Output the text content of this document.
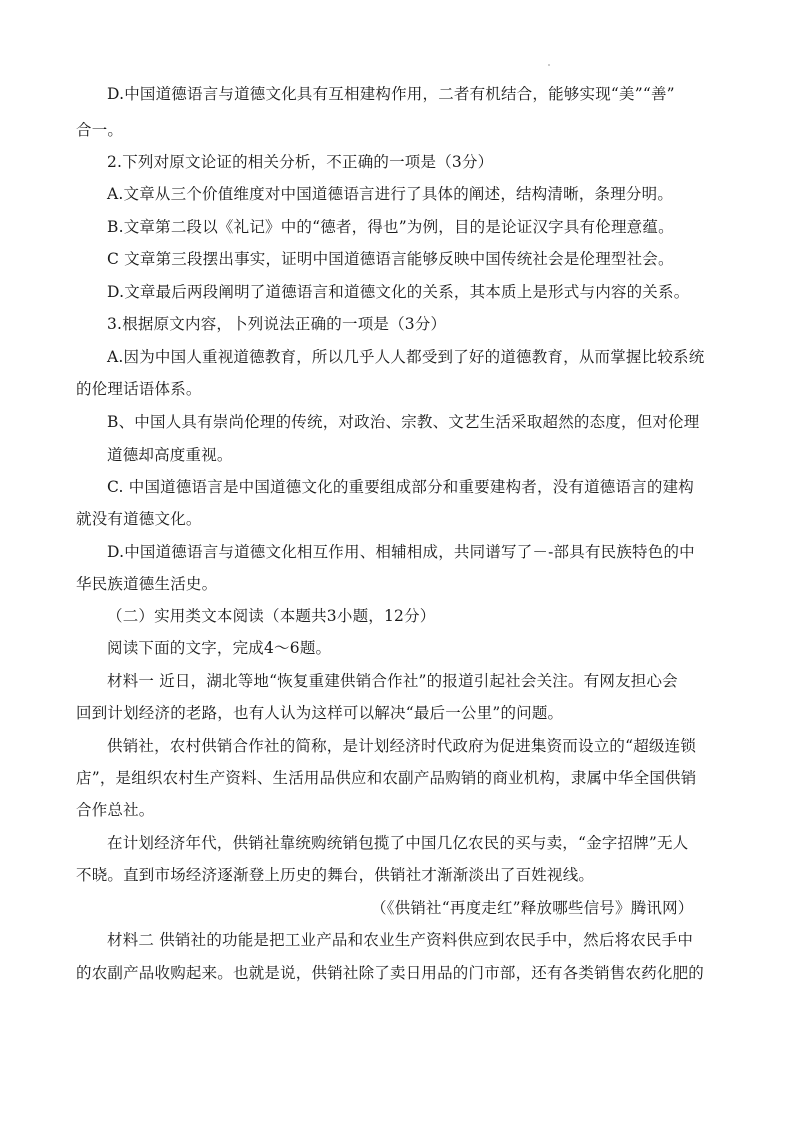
D.中国道德语言与道德文化具有互相建构作用，二者有机结合，能够实现“美”“善”
合一。
2.下列对原文论证的相关分析，不正确的一项是（3分）
A.文章从三个价值维度对中国道德语言进行了具体的阐述，结构清晰，条理分明。
B.文章第二段以《礼记》中的“德者，得也”为例，目的是论证汉字具有伦理意蕴。
C 文章第三段摆出事实，证明中国道德语言能够反映中国传统社会是伦理型社会。
D.文章最后两段阐明了道德语言和道德文化的关系，其本质上是形式与内容的关系。
3.根据原文内容，卜列说法正确的一项是（3分）
A.因为中国人重视道德教育，所以几乎人人都受到了好的道德教育，从而掌握比较系统
的伦理话语体系。
B、中国人具有崇尚伦理的传统，对政治、宗教、文艺生活采取超然的态度，但对伦理
道德却高度重视。
C. 中国道德语言是中国道德文化的重要组成部分和重要建构者，没有道德语言的建构
就没有道德文化。
D.中国道德语言与道德文化相互作用、相辅相成，共同谱写了－-部具有民族特色的中
华民族道德生活史。
（二）实用类文本阅读（本题共3小题，12分）
阅读下面的文字，完成4～6题。
材料一 近日，湖北等地“恢复重建供销合作社”的报道引起社会关注。有网友担心会
回到计划经济的老路，也有人认为这样可以解决“最后一公里”的问题。
供销社，农村供销合作社的简称，是计划经济时代政府为促进集资而设立的“超级连锁
店”，是组织农村生产资料、生活用品供应和农副产品购销的商业机构，隶属中华全国供销
合作总社。
在计划经济年代，供销社靠统购统销包揽了中国几亿农民的买与卖，“金字招牌”无人
不晓。直到市场经济逐渐登上历史的舞台，供销社才渐渐淡出了百姓视线。
（《供销社“再度走红”释放哪些信号》腾讯网）
材料二 供销社的功能是把工业产品和农业生产资料供应到农民手中，然后将农民手中
的农副产品收购起来。也就是说，供销社除了卖日用品的门市部，还有各类销售农药化肥的
